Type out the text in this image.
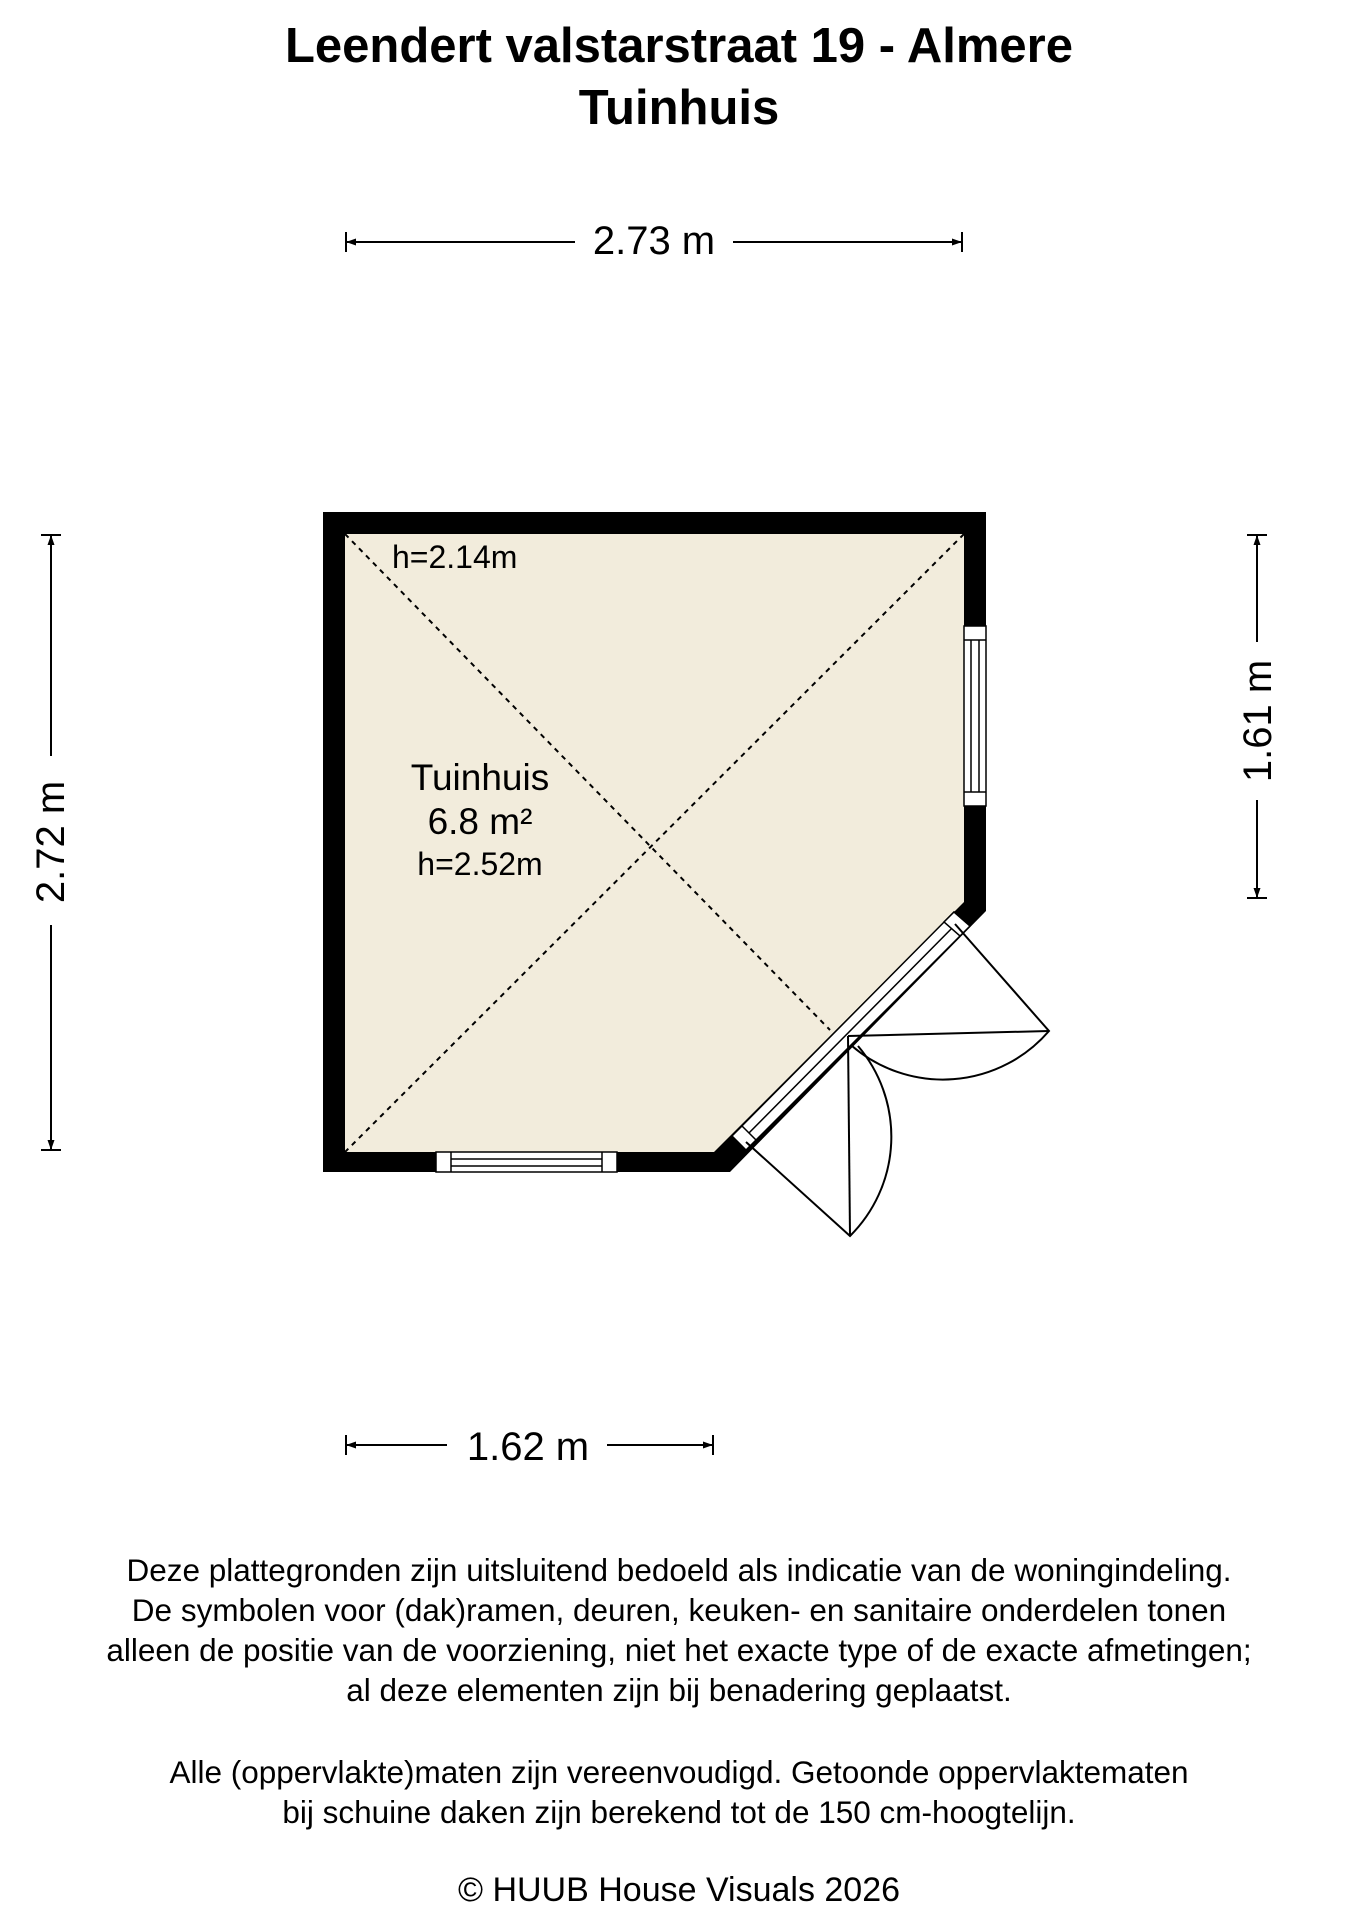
Leendert valstarstraat 19 - Almere
Tuinhuis
2.73 m
2.72 m
1.61 m
1.62 m
h=2.14m
Tuinhuis
6.8 m²
h=2.52m

Deze plattegronden zijn uitsluitend bedoeld als indicatie van de woningindeling.

De symbolen voor (dak)ramen, deuren, keuken- en sanitaire onderdelen tonen

alleen de positie van de voorziening, niet het exacte type of de exacte afmetingen;

al deze elementen zijn bij benadering geplaatst.

Alle (oppervlakte)maten zijn vereenvoudigd. Getoonde oppervlaktematen

bij schuine daken zijn berekend tot de 150 cm-hoogtelijn.

© HUUB House Visuals 2026
